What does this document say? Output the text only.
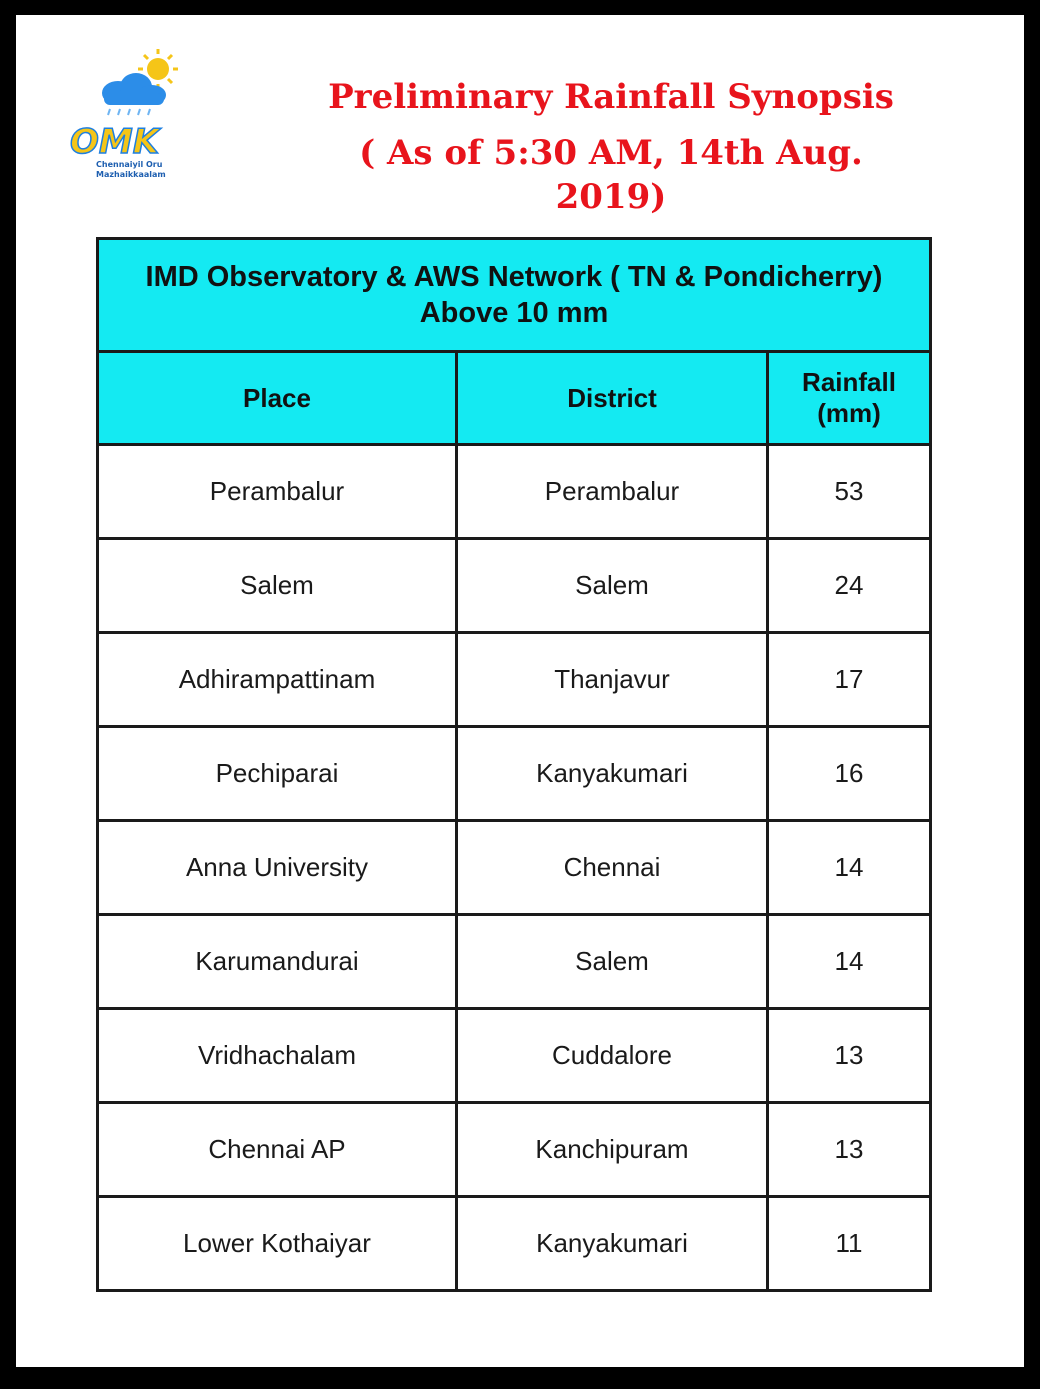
OMK
Chennaiyil Oru
Mazhaikkaalam
Preliminary Rainfall Synopsis
( As of 5:30 AM, 14th Aug. 2019)
IMD Observatory & AWS Network ( TN & Pondicherry)
Above 10 mm		

Place	District	Rainfall
(mm)

Perambalur	Perambalur	53
Salem	Salem	24
Adhirampattinam	Thanjavur	17
Pechiparai	Kanyakumari	16
Anna University	Chennai	14
Karumandurai	Salem	14
Vridhachalam	Cuddalore	13
Chennai AP	Kanchipuram	13
Lower Kothaiyar	Kanyakumari	11
